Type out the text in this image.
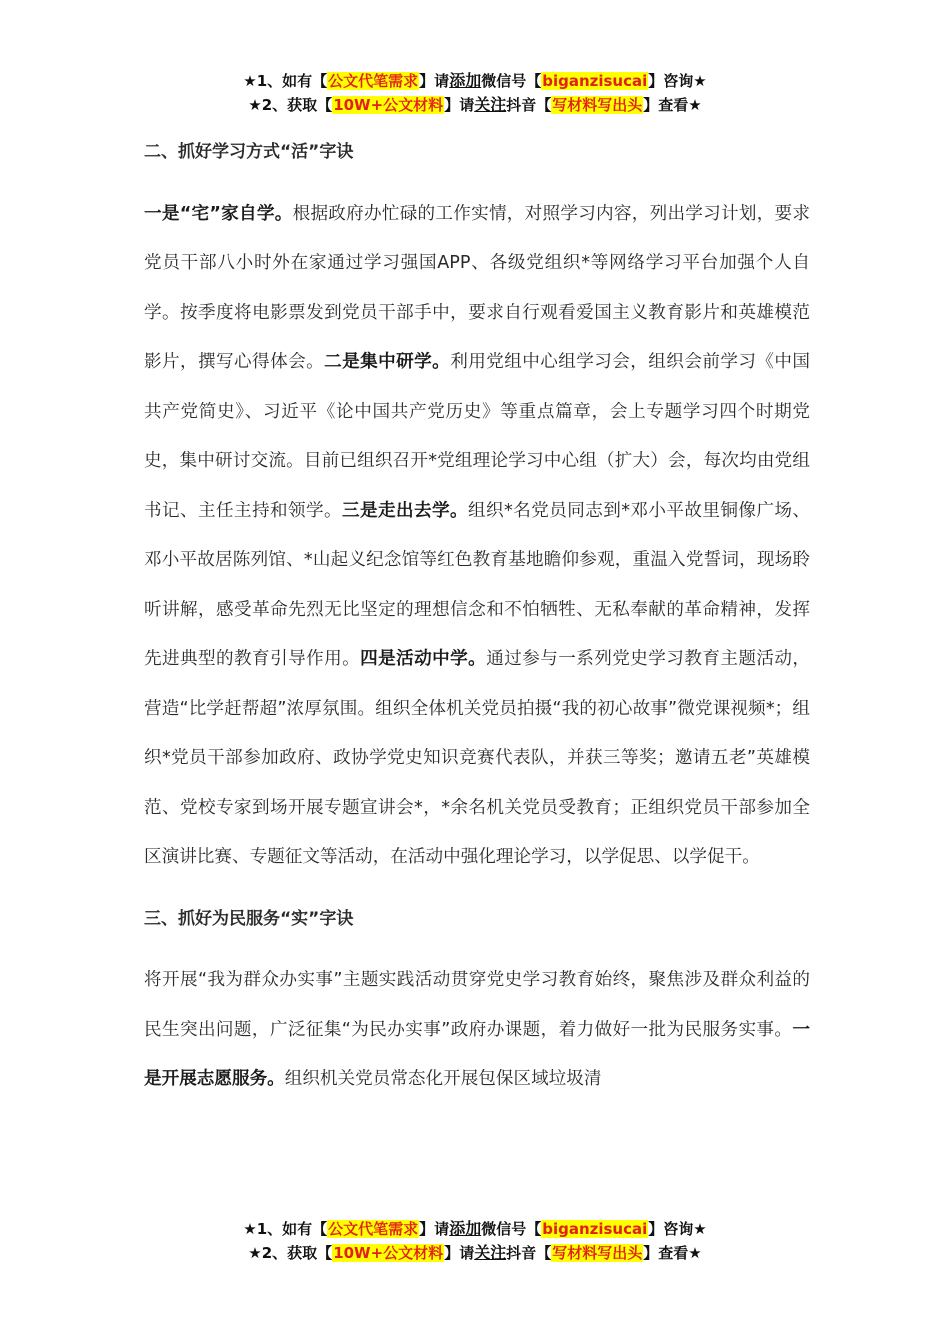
★1、如有【公文代笔需求】请添加微信号【biganzisucai】咨询★
★2、获取【10W+公文材料】请关注抖音【写材料写出头】查看★

二、抓好学习方式“活”字诀

一是“宅”家自学。根据政府办忙碌的工作实情，对照学习内容，列出学习计划，要求党员干部八小时外在家通过学习强国APP、各级党组织*等网络学习平台加强个人自学。按季度将电影票发到党员干部手中，要求自行观看爱国主义教育影片和英雄模范影片，撰写心得体会。二是集中研学。利用党组中心组学习会，组织会前学习《中国共产党简史》、习近平《论中国共产党历史》等重点篇章，会上专题学习四个时期党史，集中研讨交流。目前已组织召开*党组理论学习中心组（扩大）会，每次均由党组书记、主任主持和领学。三是走出去学。组织*名党员同志到*邓小平故里铜像广场、邓小平故居陈列馆、*山起义纪念馆等红色教育基地瞻仰参观，重温入党誓词，现场聆听讲解，感受革命先烈无比坚定的理想信念和不怕牺牲、无私奉献的革命精神，发挥先进典型的教育引导作用。四是活动中学。通过参与一系列党史学习教育主题活动，营造“比学赶帮超”浓厚氛围。组织全体机关党员拍摄“我的初心故事”微党课视频*；组织*党员干部参加政府、政协学党史知识竞赛代表队，并获三等奖；邀请五老”英雄模范、党校专家到场开展专题宣讲会*，*余名机关党员受教育；正组织党员干部参加全区演讲比赛、专题征文等活动，在活动中强化理论学习，以学促思、以学促干。

三、抓好为民服务“实”字诀

将开展“我为群众办实事”主题实践活动贯穿党史学习教育始终，聚焦涉及群众利益的民生突出问题，广泛征集“为民办实事”政府办课题，着力做好一批为民服务实事。一是开展志愿服务。组织机关党员常态化开展包保区域垃圾清

★1、如有【公文代笔需求】请添加微信号【biganzisucai】咨询★
★2、获取【10W+公文材料】请关注抖音【写材料写出头】查看★
